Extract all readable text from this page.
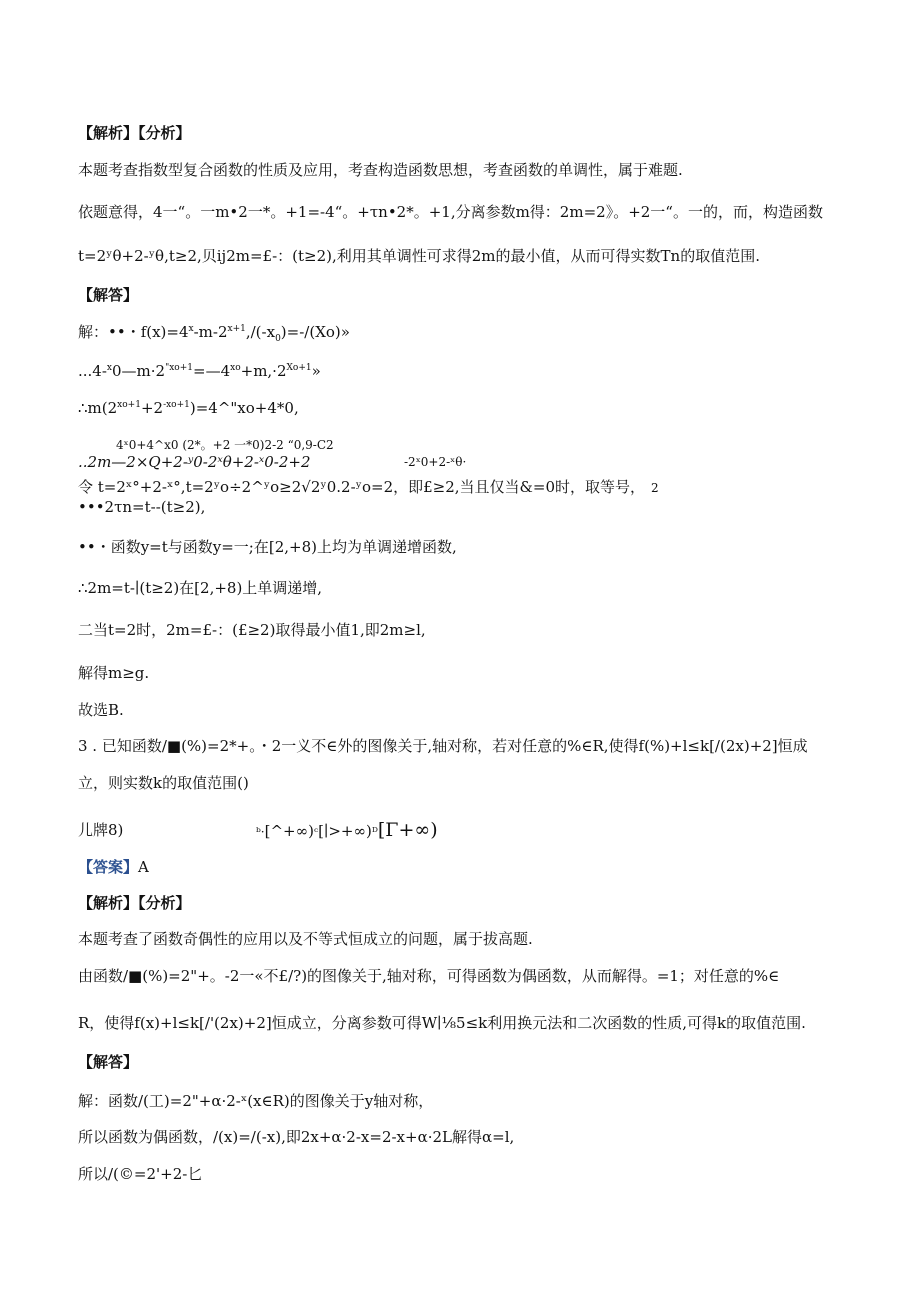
【解析】【分析】
本题考查指数型复合函数的性质及应用，考查构造函数思想，考查函数的单调性，属于难题.
依题意得，4一“。一m•2一*。+1=-4“。+τn•2*。+1,分离参数m得：2m=2》。+2一“。一的，而，构造函数
t=2ʸθ+2-ʸθ,t≥2,贝ij2m=£-：(t≥2),利用其单调性可求得2m的最小值，从而可得实数Tn的取值范围.
【解答】
解：••・$f(x)=4^x-m-2^{x+1},/(-x_0)=-/(Xo)$»
$...4-^x0—m\cdot 2^{"xo+1}=—4^{xo}+m,\cdot 2^{Xo+1}$»
$\therefore m(2^{xo+1}+2^{-xo+1})=4\^{}"xo+4*0$,
4ˣ0+4^x0 (2*。+2 一*0)2-2 “0,9-C2
..2m—2×Q+2-ʸ0-2ˣθ+2-ˣ0-2+2	-2ˣ0+2-ˣθ·
令 t=2ˣ°+2-ˣ°,t=2ʸo÷2^ʸo≥2√2ʸ0.2-ʸo=2，即£≥2,当且仅当&=0时，取等号， 2
•••2τn=t--(t≥2),
••・函数y=t与函数y=一;在[2,+8)上均为单调递增函数,
∴2m=t-∣(t≥2)在[2,+8)上单调递增,
二当t=2时，2m=£-：(£≥2)取得最小值1,即2m≥l,
解得m≥g.
故选B.
3 . 已知函数/■(%)=2*+。・2一义不∈外的图像关于,轴对称，若对任意的%∈R,使得f(%)+l≤k[/(2x)+2]恒成
立，则实数k的取值范围()
儿牌8)	ᵇ·[^+∞)ᶜ[∣>+∞)ᴰ[Γ+∞)
【答案】A
【解析】【分析】
本题考查了函数奇偶性的应用以及不等式恒成立的问题，属于拔高题.
由函数/■(%)=2"+。-2一«不£/?)的图像关于,轴对称，可得函数为偶函数，从而解得。=1；对任意的%∈
R，使得f(x)+l≤k[/'(2x)+2]恒成立，分离参数可得W∣⅛5≤k利用换元法和二次函数的性质,可得k的取值范围.
【解答】
解：函数/(工)=2"+α·2-ˣ(x∈R)的图像关于y轴对称，
所以函数为偶函数，/(x)=/(-x),即2x+α·2-x=2-x+α·2L解得α=l,
所以/(©=2'+2-匕
